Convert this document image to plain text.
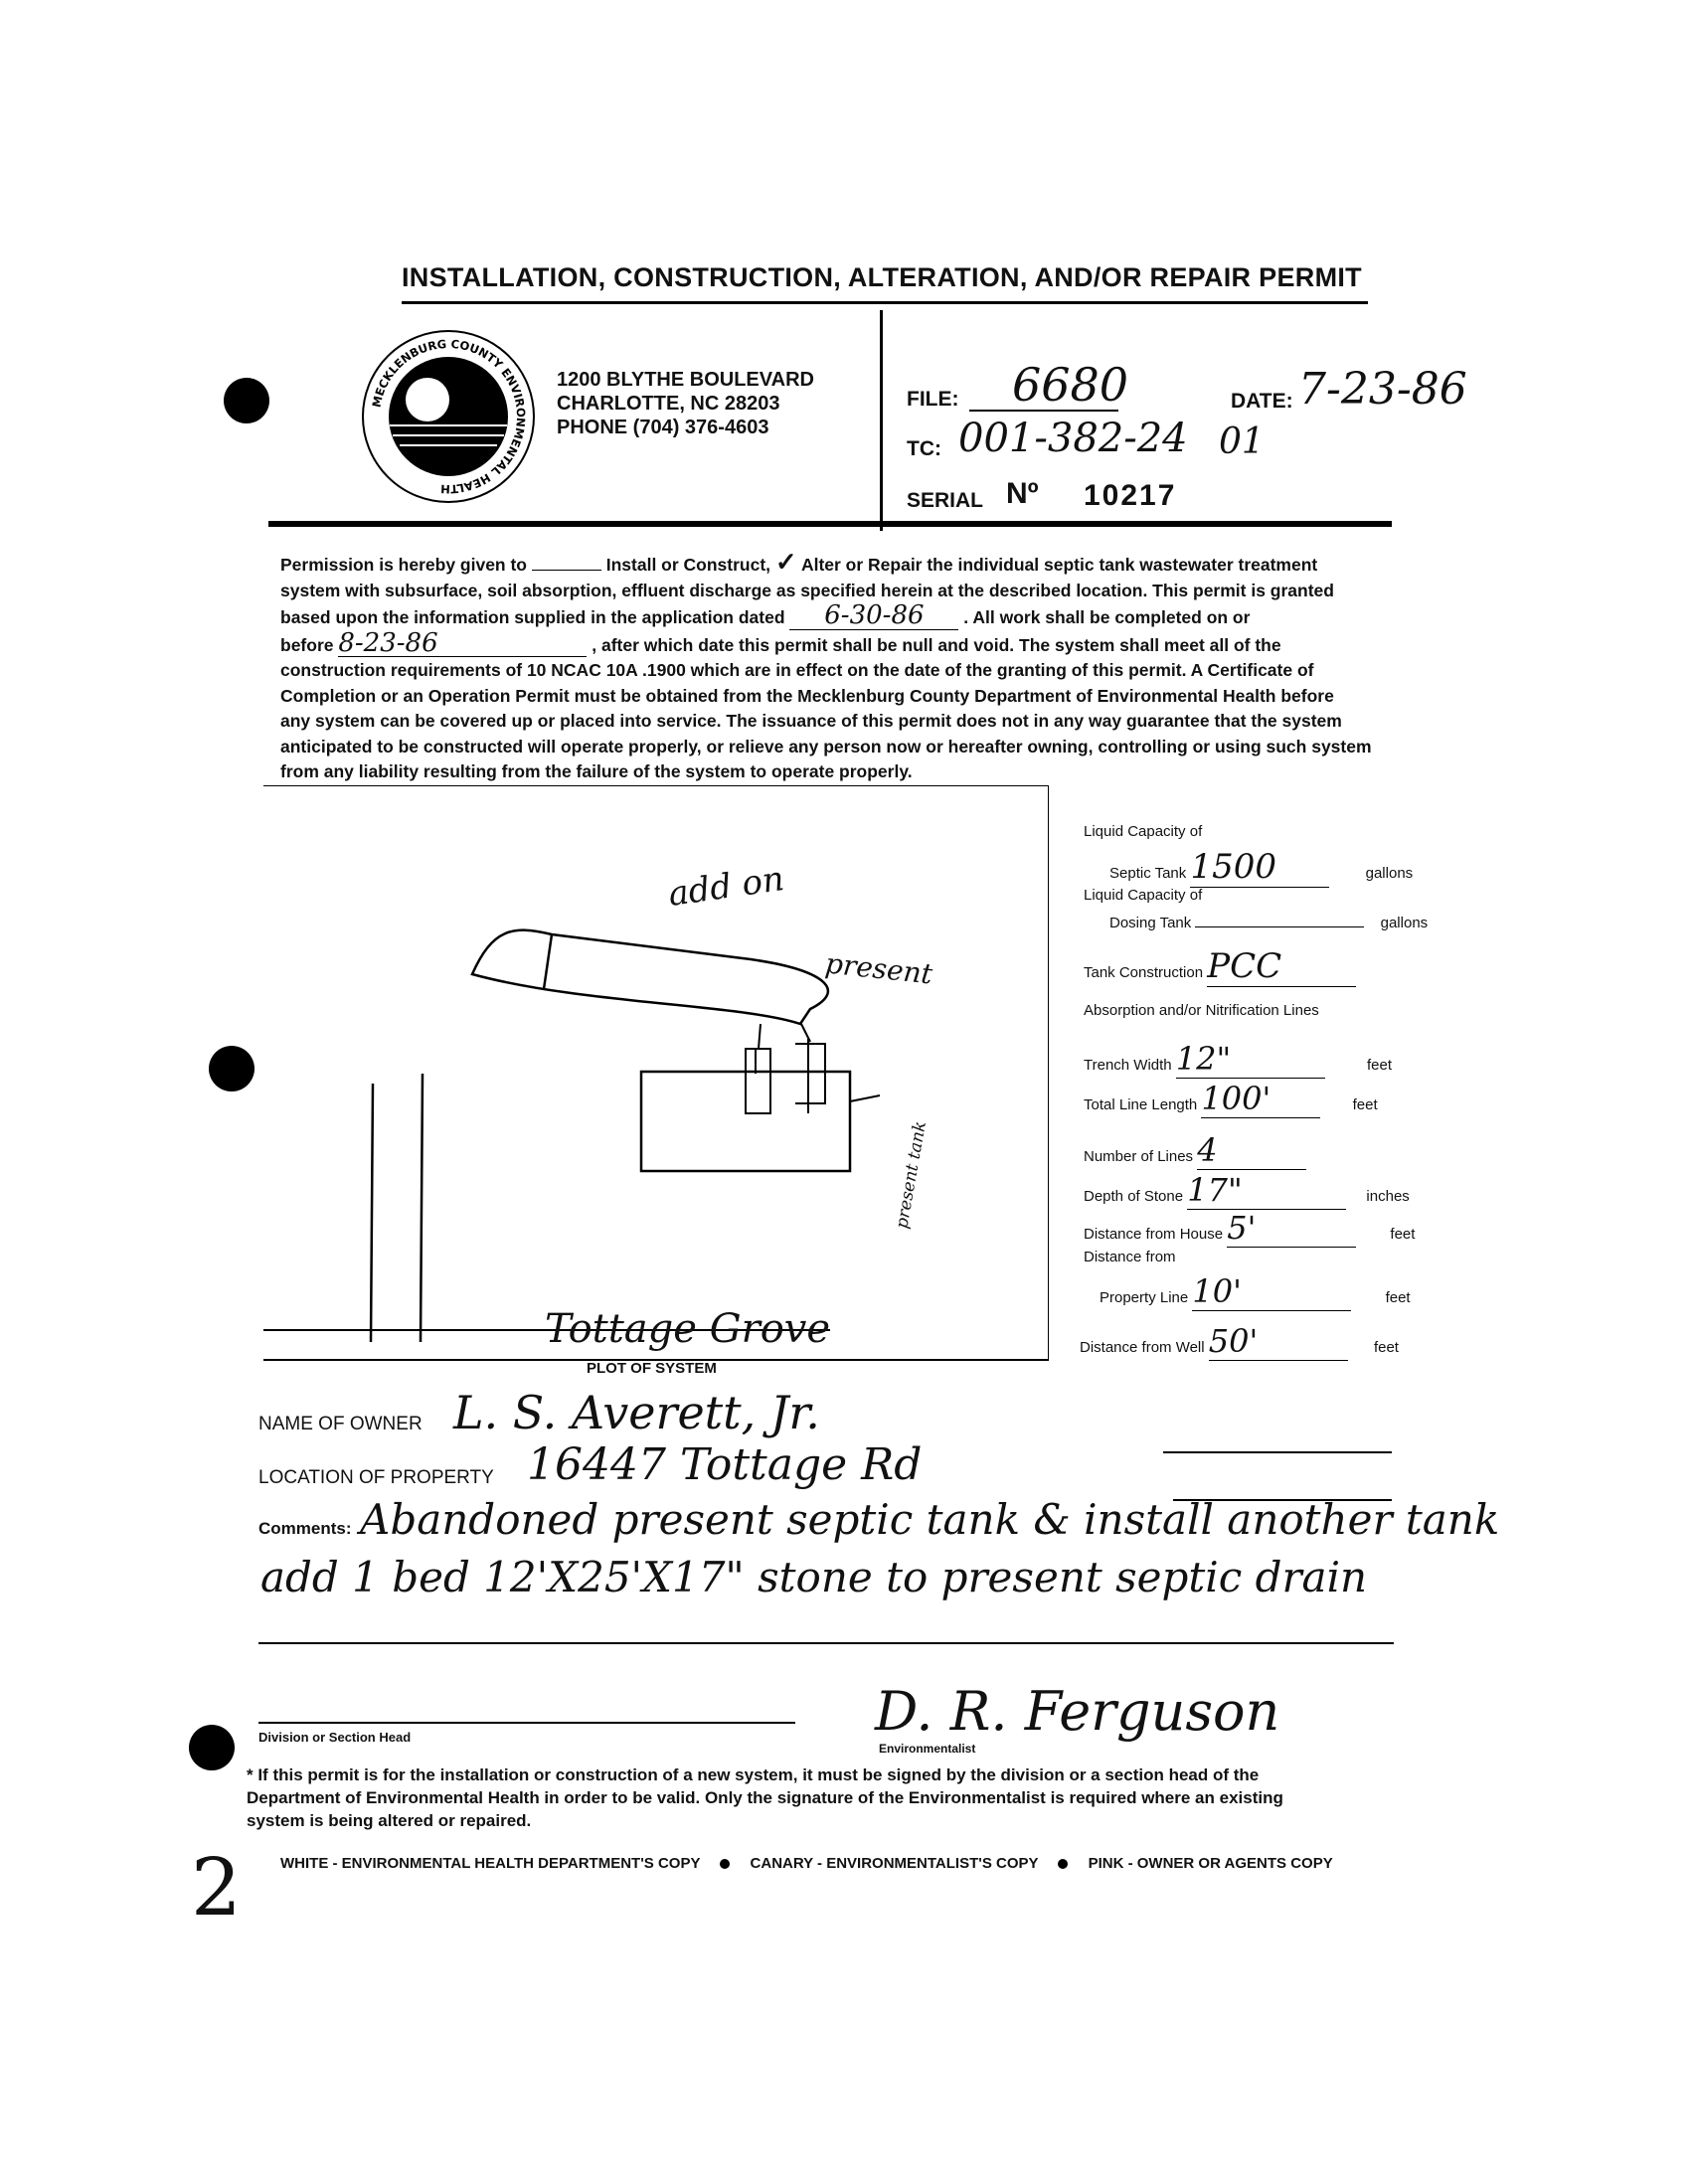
INSTALLATION, CONSTRUCTION, ALTERATION, AND/OR REPAIR PERMIT
MECKLENBURG COUNTY ENVIRONMENTAL HEALTH
1200 BLYTHE BOULEVARD
CHARLOTTE, NC 28203
PHONE (704) 376-4603
FILE: 6680	DATE: 7-23-86
TC: 001-382-24 01
SERIAL Nº 10217

Permission is hereby given to	Install or Construct, ✓ Alter or Repair the individual septic tank wastewater treatment

system with subsurface, soil absorption, effluent discharge as specified herein at the described location. This permit is granted

based upon the information supplied in the application dated 6-30-86 . All work shall be completed on or

before 8-23-86	, after which date this permit shall be null and void. The system shall meet all of the

construction requirements of 10 NCAC 10A .1900 which are in effect on the date of the granting of this permit. A Certificate of

Completion or an Operation Permit must be obtained from the Mecklenburg County Department of Environmental Health before

any system can be covered up or placed into service. The issuance of this permit does not in any way guarantee that the system

anticipated to be constructed will operate properly, or relieve any person now or hereafter owning, controlling or using such system

from any liability resulting from the failure of the system to operate properly.

add on
present
present tank
Tottage Grove
PLOT OF SYSTEM
Liquid Capacity of
Septic Tank 1500	gallons
Liquid Capacity of
Dosing Tank	gallons
Tank Construction PCC
Absorption and/or Nitrification Lines
Trench Width 12"	feet
Total Line Length 100'	feet
Number of Lines 4
Depth of Stone 17"	inches
Distance from House 5'	feet
Distance from
Property Line 10'	feet
Distance from Well 50'	feet
NAME OF OWNER L. S. Averett, Jr.
LOCATION OF PROPERTY 16447 Tottage Rd
Comments: Abandoned present septic tank & install another tank
add 1 bed 12'X25'X17" stone to present septic drain
Division or Section Head	D. R. Ferguson
Environmentalist

* If this permit is for the installation or construction of a new system, it must be signed by the division or a section head of the

Department of Environmental Health in order to be valid. Only the signature of the Environmentalist is required where an existing

system is being altered or repaired.

WHITE - ENVIRONMENTAL HEALTH DEPARTMENT'S COPY	CANARY - ENVIRONMENTALIST'S COPY	PINK - OWNER OR AGENTS COPY
2
